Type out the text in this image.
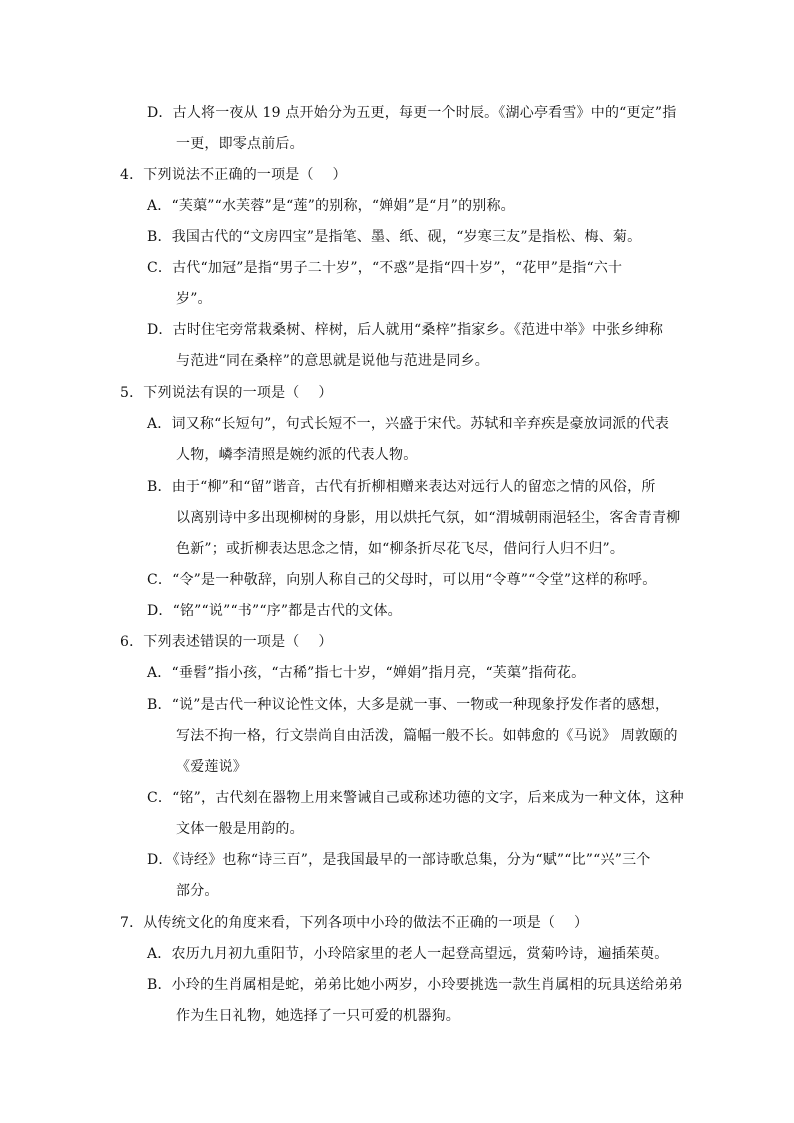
D．古人将一夜从 19 点开始分为五更，每更一个时辰。《湖心亭看雪》中的“更定”指
一更，即零点前后。
4．下列说法不正确的一项是（　 ）
A．“芙蕖”“水芙蓉”是“莲”的别称，“婵娟”是“月”的别称。
B．我国古代的“文房四宝”是指笔、墨、纸、砚，“岁寒三友”是指松、梅、菊。
C．古代“加冠”是指“男子二十岁”，“不惑”是指“四十岁”，“花甲”是指“六十
岁”。
D．古时住宅旁常栽桑树、梓树，后人就用“桑梓”指家乡。《范进中举》中张乡绅称
与范进“同在桑梓”的意思就是说他与范进是同乡。
5．下列说法有误的一项是（　 ）
A．词又称“长短句”，句式长短不一，兴盛于宋代。苏轼和辛弃疾是豪放词派的代表
人物，嶙李清照是婉约派的代表人物。
B．由于“柳”和“留”谐音，古代有折柳相赠来表达对远行人的留恋之情的风俗，所
以离别诗中多出现柳树的身影，用以烘托气氛，如“渭城朝雨浥轻尘，客舍青青柳
色新”；或折柳表达思念之情，如“柳条折尽花飞尽，借问行人归不归”。
C．“令”是一种敬辞，向别人称自己的父母时，可以用“令尊”“令堂”这样的称呼。
D．“铭”“说”“书”“序”都是古代的文体。
6．下列表述错误的一项是（　 ）
A．“垂髫”指小孩，“古稀”指七十岁，“婵娟”指月亮，“芙蕖”指荷花。
B．“说”是古代一种议论性文体，大多是就一事、一物或一种现象抒发作者的感想，
写法不拘一格，行文崇尚自由活泼，篇幅一般不长。如韩愈的《马说》 周敦颐的
《爱莲说》
C．“铭”，古代刻在器物上用来警诫自己或称述功德的文字，后来成为一种文体，这种
文体一般是用韵的。
D．《诗经》也称“诗三百”，是我国最早的一部诗歌总集，分为“赋”“比”“兴”三个
部分。
7．从传统文化的角度来看，下列各项中小玲的做法不正确的一项是（　 ）
A．农历九月初九重阳节，小玲陪家里的老人一起登高望远，赏菊吟诗，遍插茱萸。
B．小玲的生肖属相是蛇，弟弟比她小两岁，小玲要挑选一款生肖属相的玩具送给弟弟
作为生日礼物，她选择了一只可爱的机器狗。
